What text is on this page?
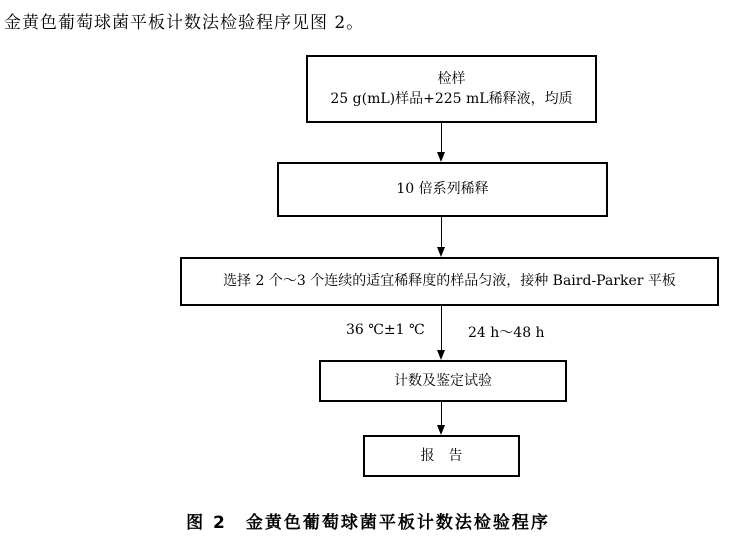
金黄色葡萄球菌平板计数法检验程序见图 2。
检样
25 g(mL)样品+225 mL稀释液，均质
10 倍系列稀释
选择 2 个～3 个连续的适宜稀释度的样品匀液，接种 Baird-Parker 平板
36 ℃±1 ℃	24 h～48 h
计数及鉴定试验
报　告
图 2　金黄色葡萄球菌平板计数法检验程序
